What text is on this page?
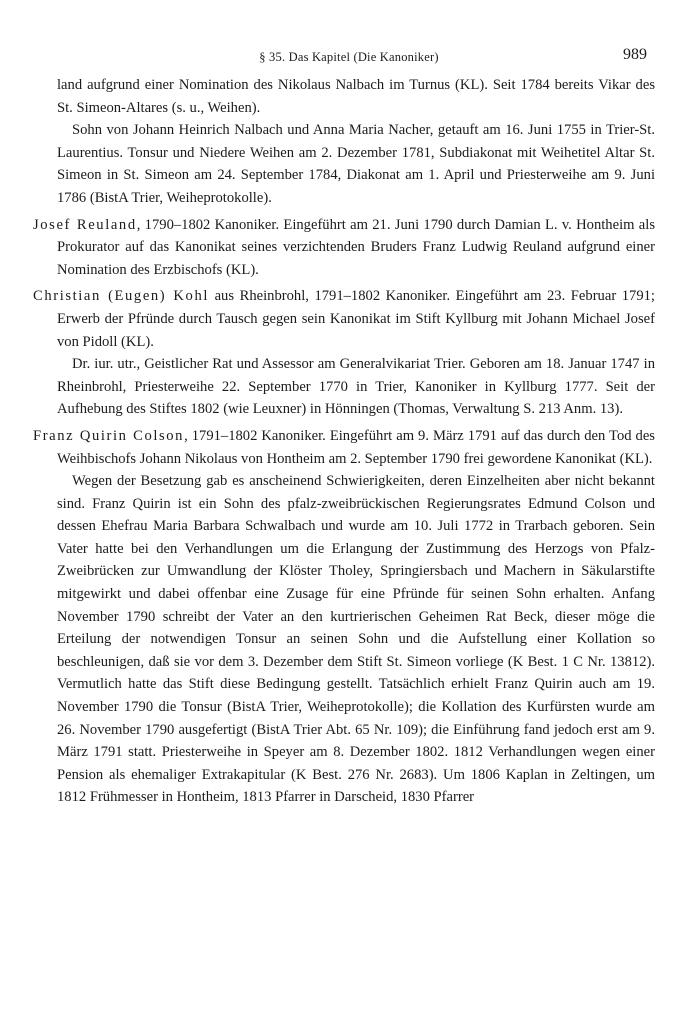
§ 35. Das Kapitel (Die Kanoniker)	989

land aufgrund einer Nomination des Nikolaus Nalbach im Turnus (KL). Seit 1784 bereits Vikar des St. Simeon-Altares (s. u., Weihen).

Sohn von Johann Heinrich Nalbach und Anna Maria Nacher, getauft am 16. Juni 1755 in Trier-St. Laurentius. Tonsur und Niedere Weihen am 2. Dezember 1781, Subdiakonat mit Weihetitel Altar St. Simeon in St. Simeon am 24. September 1784, Diakonat am 1. April und Priesterweihe am 9. Juni 1786 (BistA Trier, Weiheprotokolle).

Josef Reuland, 1790–1802 Kanoniker. Eingeführt am 21. Juni 1790 durch Damian L. v. Hontheim als Prokurator auf das Kanonikat seines verzichtenden Bruders Franz Ludwig Reuland aufgrund einer Nomination des Erzbischofs (KL).

Christian (Eugen) Kohl aus Rheinbrohl, 1791–1802 Kanoniker. Eingeführt am 23. Februar 1791; Erwerb der Pfründe durch Tausch gegen sein Kanonikat im Stift Kyllburg mit Johann Michael Josef von Pidoll (KL).

Dr. iur. utr., Geistlicher Rat und Assessor am Generalvikariat Trier. Geboren am 18. Januar 1747 in Rheinbrohl, Priesterweihe 22. September 1770 in Trier, Kanoniker in Kyllburg 1777. Seit der Aufhebung des Stiftes 1802 (wie Leuxner) in Hönningen (Thomas, Verwaltung S. 213 Anm. 13).

Franz Quirin Colson, 1791–1802 Kanoniker. Eingeführt am 9. März 1791 auf das durch den Tod des Weihbischofs Johann Nikolaus von Hontheim am 2. September 1790 frei gewordene Kanonikat (KL).

Wegen der Besetzung gab es anscheinend Schwierigkeiten, deren Einzelheiten aber nicht bekannt sind. Franz Quirin ist ein Sohn des pfalz-zweibrückischen Regierungsrates Edmund Colson und dessen Ehefrau Maria Barbara Schwalbach und wurde am 10. Juli 1772 in Trarbach geboren. Sein Vater hatte bei den Verhandlungen um die Erlangung der Zustimmung des Herzogs von Pfalz-Zweibrücken zur Umwandlung der Klöster Tholey, Springiersbach und Machern in Säkularstifte mitgewirkt und dabei offenbar eine Zusage für eine Pfründe für seinen Sohn erhalten. Anfang November 1790 schreibt der Vater an den kurtrierischen Geheimen Rat Beck, dieser möge die Erteilung der notwendigen Tonsur an seinen Sohn und die Aufstellung einer Kollation so beschleunigen, daß sie vor dem 3. Dezember dem Stift St. Simeon vorliege (K Best. 1 C Nr. 13812). Vermutlich hatte das Stift diese Bedingung gestellt. Tatsächlich erhielt Franz Quirin auch am 19. November 1790 die Tonsur (BistA Trier, Weiheprotokolle); die Kollation des Kurfürsten wurde am 26. November 1790 ausgefertigt (BistA Trier Abt. 65 Nr. 109); die Einführung fand jedoch erst am 9. März 1791 statt. Priesterweihe in Speyer am 8. Dezember 1802. 1812 Verhandlungen wegen einer Pension als ehemaliger Extrakapitular (K Best. 276 Nr. 2683). Um 1806 Kaplan in Zeltingen, um 1812 Frühmesser in Hontheim, 1813 Pfarrer in Darscheid, 1830 Pfarrer
